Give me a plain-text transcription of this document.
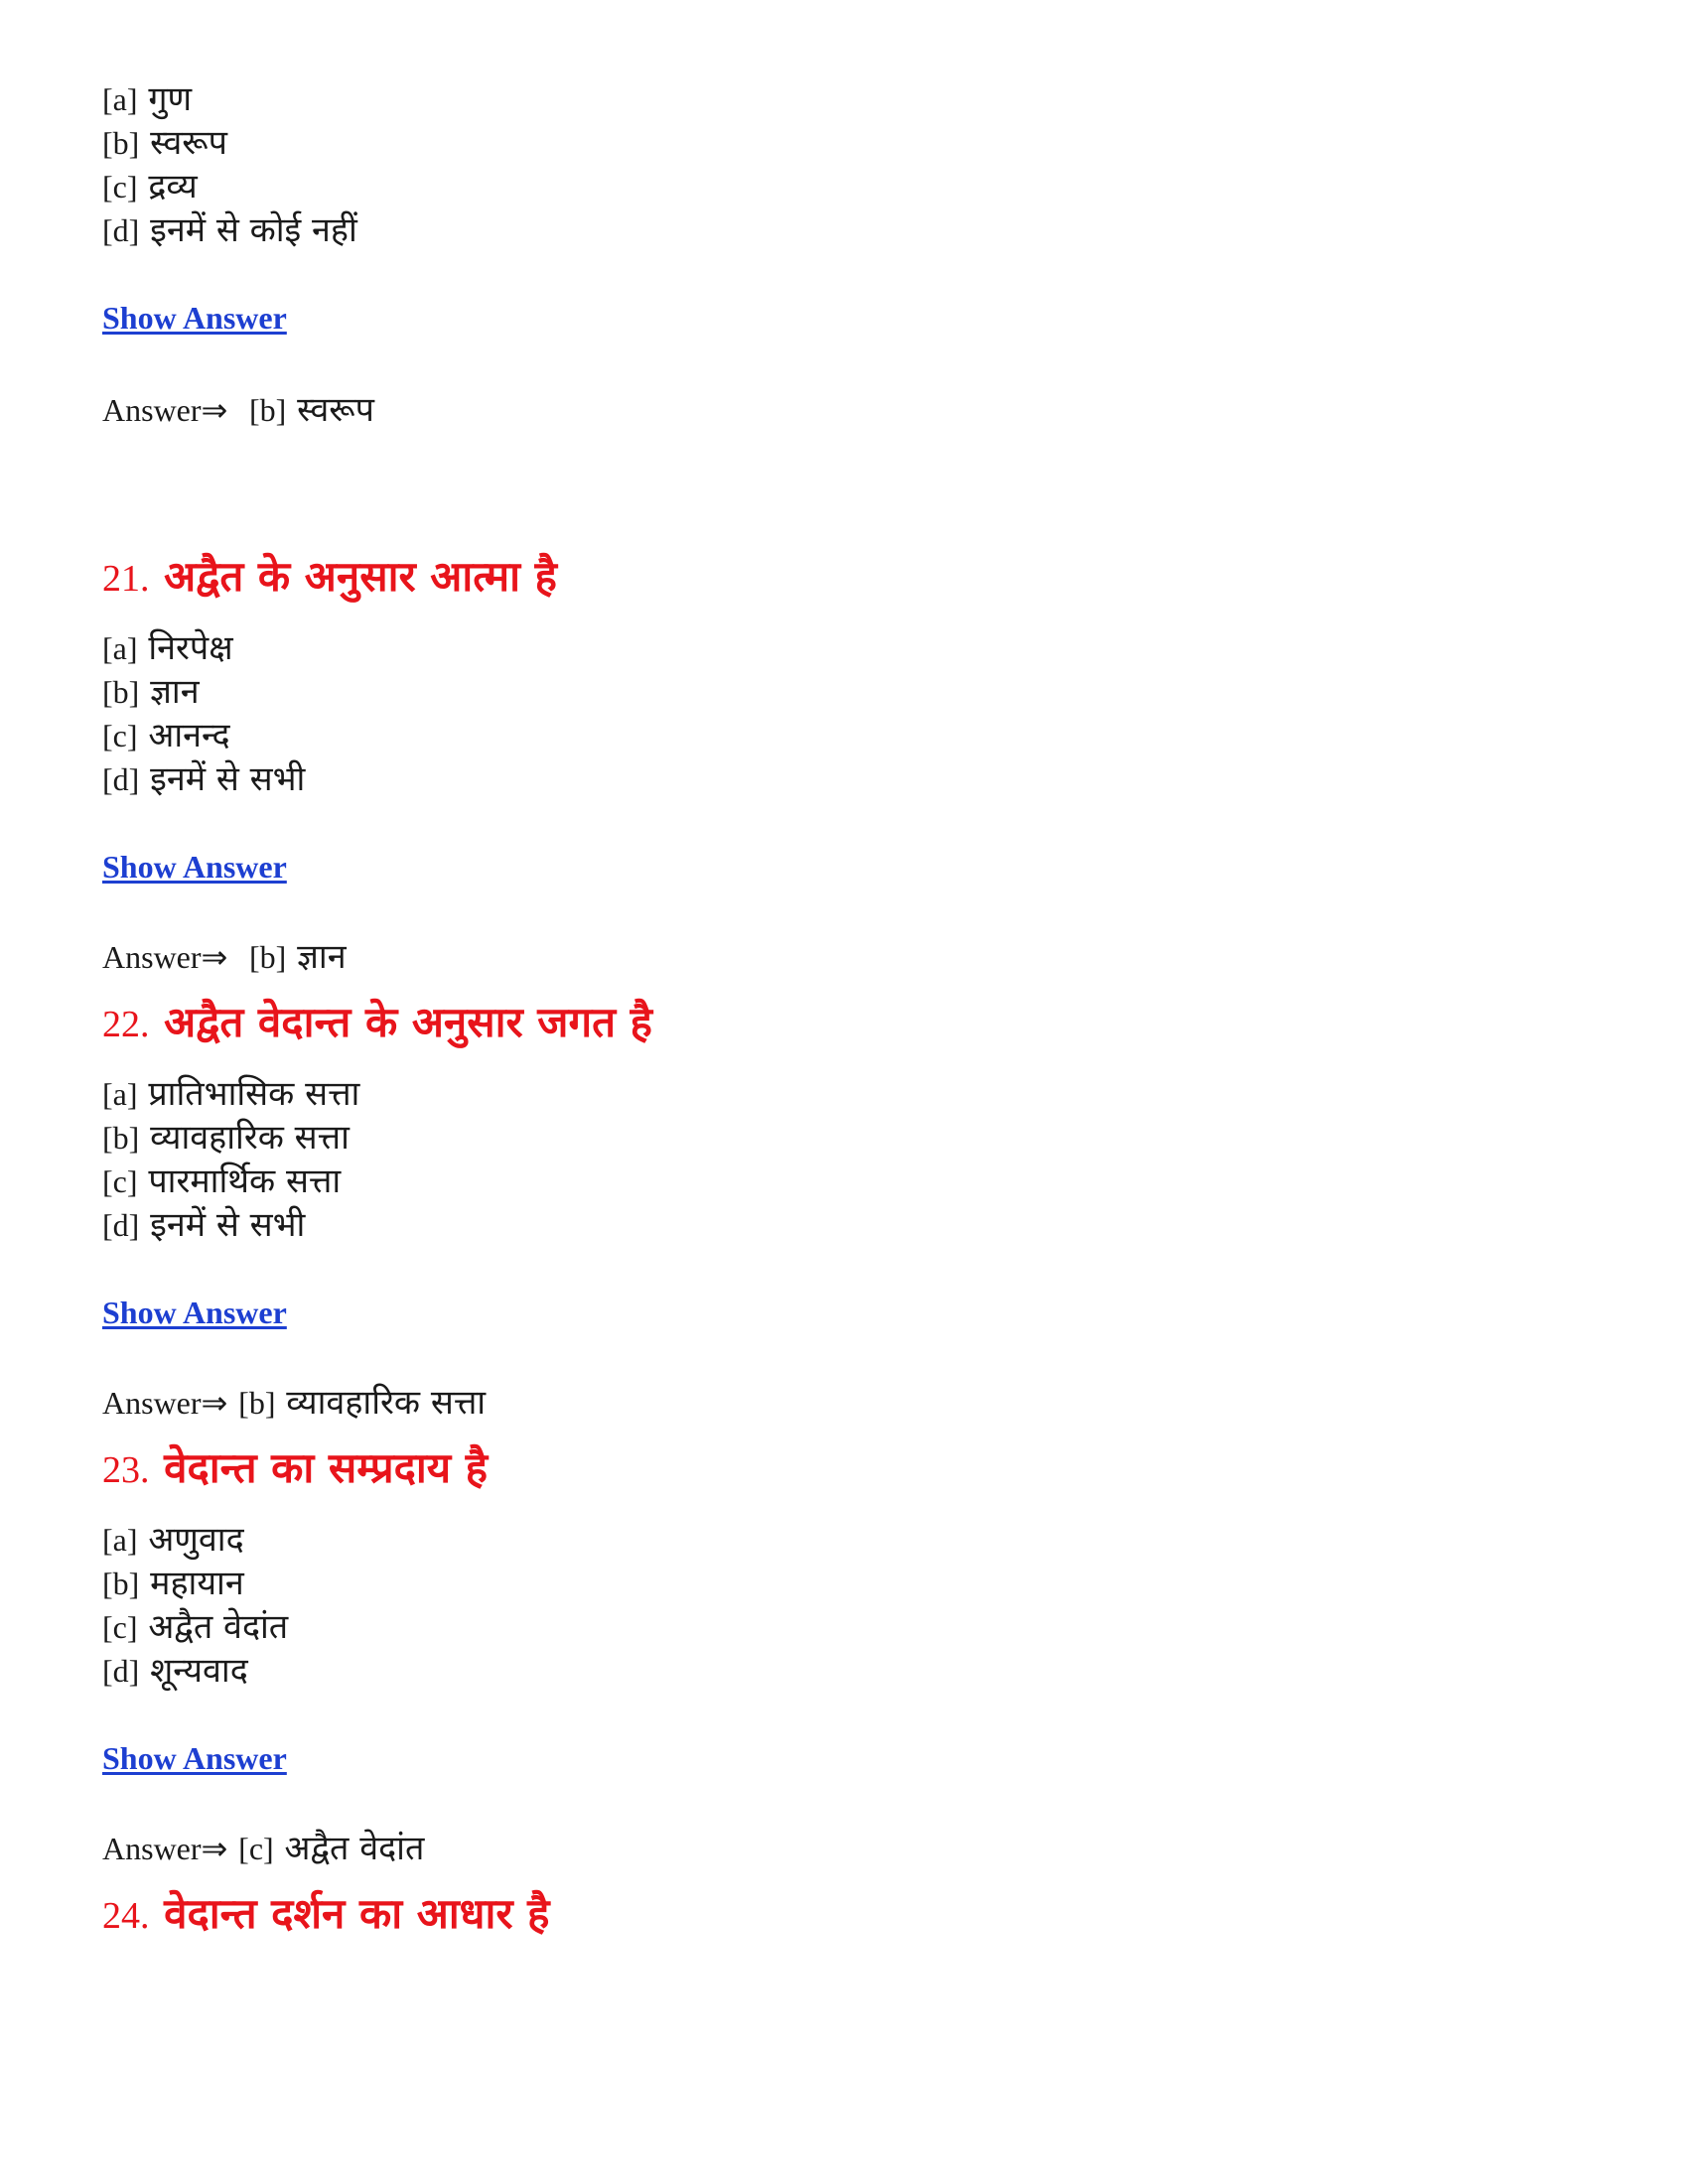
[a] गुण
[b] स्वरूप
[c] द्रव्य
[d] इनमें से कोई नहीं
Show Answer
Answer⇒ [b] स्वरूप
21. अद्वैत के अनुसार आत्मा है
[a] निरपेक्ष
[b] ज्ञान
[c] आनन्द
[d] इनमें से सभी
Show Answer
Answer⇒ [b] ज्ञान
22. अद्वैत वेदान्त के अनुसार जगत है
[a] प्रातिभासिक सत्ता
[b] व्यावहारिक सत्ता
[c] पारमार्थिक सत्ता
[d] इनमें से सभी
Show Answer
Answer⇒ [b] व्यावहारिक सत्ता
23. वेदान्त का सम्प्रदाय है
[a] अणुवाद
[b] महायान
[c] अद्वैत वेदांत
[d] शून्यवाद
Show Answer
Answer⇒ [c] अद्वैत वेदांत
24. वेदान्त दर्शन का आधार है
